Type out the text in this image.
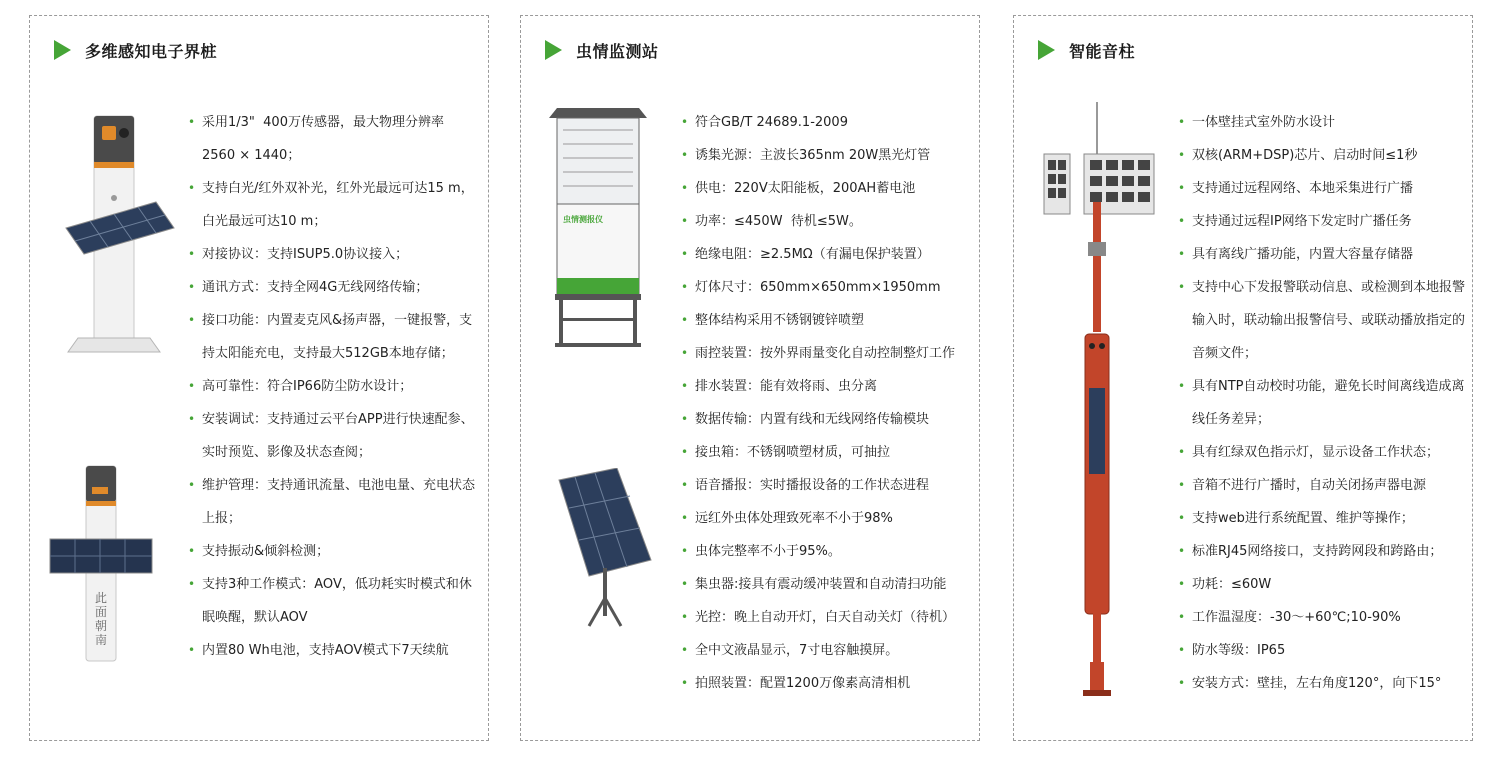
多维感知电子界桩
此面朝南
• 采用1/3"  400万传感器，最大物理分辨率2560 × 1440；
• 支持白光/红外双补光，红外光最远可达15 m，白光最远可达10 m；
• 对接协议：支持ISUP5.0协议接入；
• 通讯方式：支持全网4G无线网络传输；
• 接口功能：内置麦克风&扬声器，一键报警，支持太阳能充电，支持最大512GB本地存储；
• 高可靠性：符合IP66防尘防水设计；
• 安装调试：支持通过云平台APP进行快速配参、实时预览、影像及状态查阅；
• 维护管理：支持通讯流量、电池电量、充电状态上报；
• 支持振动&倾斜检测；
• 支持3种工作模式：AOV，低功耗实时模式和休眠唤醒，默认AOV
• 内置80 Wh电池，支持AOV模式下7天续航
虫情监测站
虫情测报仪
• 符合GB/T 24689.1-2009
• 诱集光源：主波长365nm 20W黑光灯管
• 供电：220V太阳能板，200AH蓄电池
• 功率：≤450W  待机≤5W。
• 绝缘电阻：≥2.5MΩ（有漏电保护装置）
• 灯体尺寸：650mm×650mm×1950mm
• 整体结构采用不锈钢镀锌喷塑
• 雨控装置：按外界雨量变化自动控制整灯工作
• 排水装置：能有效将雨、虫分离
• 数据传输：内置有线和无线网络传输模块
• 接虫箱：不锈钢喷塑材质，可抽拉
• 语音播报：实时播报设备的工作状态进程
• 远红外虫体处理致死率不小于98%
• 虫体完整率不小于95%。
• 集虫器:接具有震动缓冲装置和自动清扫功能
• 光控：晚上自动开灯，白天自动关灯（待机）
• 全中文液晶显示，7寸电容触摸屏。
• 拍照装置：配置1200万像素高清相机
智能音柱
• 一体壁挂式室外防水设计
• 双核(ARM+DSP)芯片、启动时间≤1秒
• 支持通过远程网络、本地采集进行广播
• 支持通过远程IP网络下发定时广播任务
• 具有离线广播功能，内置大容量存储器
• 支持中心下发报警联动信息、或检测到本地报警输入时，联动输出报警信号、或联动播放指定的音频文件；
• 具有NTP自动校时功能，避免长时间离线造成离线任务差异；
• 具有红绿双色指示灯，显示设备工作状态；
• 音箱不进行广播时，自动关闭扬声器电源
• 支持web进行系统配置、维护等操作；
• 标准RJ45网络接口，支持跨网段和跨路由；
• 功耗：≤60W
• 工作温湿度：-30～+60℃;10-90%
• 防水等级：IP65
• 安装方式：壁挂，左右角度120°，向下15°
